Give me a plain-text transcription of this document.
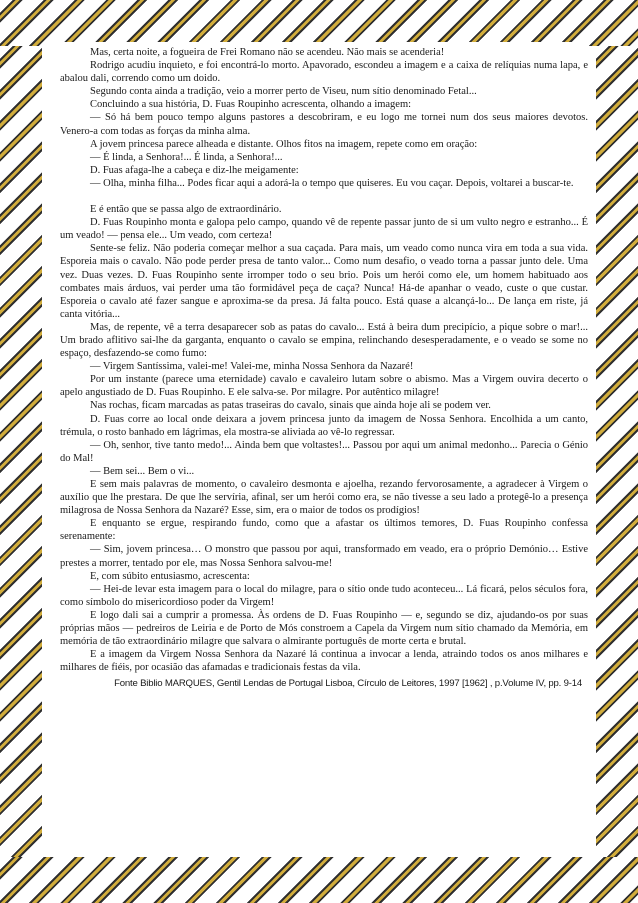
Mas, certa noite, a fogueira de Frei Romano não se acendeu. Não mais se acenderia!

Rodrigo acudiu inquieto, e foi encontrá-lo morto. Apavorado, escondeu a imagem e a caixa de relíquias numa lapa, e abalou dali, correndo como um doido.

Segundo conta ainda a tradição, veio a morrer perto de Viseu, num sítio denominado Fetal...

Concluindo a sua história, D. Fuas Roupinho acrescenta, olhando a imagem:

— Só há bem pouco tempo alguns pastores a descobriram, e eu logo me tornei num dos seus maiores devotos. Venero-a com todas as forças da minha alma.

A jovem princesa parece alheada e distante. Olhos fitos na imagem, repete como em oração:

— É linda, a Senhora!... É linda, a Senhora!...

D. Fuas afaga-lhe a cabeça e diz-lhe meigamente:

— Olha, minha filha... Podes ficar aqui a adorá-la o tempo que quiseres. Eu vou caçar. Depois, voltarei a buscar-te.

E é então que se passa algo de extraordinário.

D. Fuas Roupinho monta e galopa pelo campo, quando vê de repente passar junto de si um vulto negro e estranho... É um veado! — pensa ele... Um veado, com certeza!

Sente-se feliz. Não poderia começar melhor a sua caçada. Para mais, um veado como nunca vira em toda a sua vida. Esporeia mais o cavalo. Não pode perder presa de tanto valor... Como num desafio, o veado torna a passar junto dele. Uma vez. Duas vezes. D. Fuas Roupinho sente irromper todo o seu brio. Pois um herói como ele, um homem habituado aos combates mais árduos, vai perder uma tão formidável peça de caça? Nunca! Há-de apanhar o veado, custe o que custar. Esporeia o cavalo até fazer sangue e aproxima-se da presa. Já falta pouco. Está quase a alcançá-lo... De lança em riste, já canta vitória...

Mas, de repente, vê a terra desaparecer sob as patas do cavalo... Está à beira dum precipício, a pique sobre o mar!... Um brado aflitivo sai-lhe da garganta, enquanto o cavalo se empina, relinchando desesperadamente, e o veado se some no espaço, desfazendo-se como fumo:

— Virgem Santíssima, valei-me! Valei-me, minha Nossa Senhora da Nazaré!

Por um instante (parece uma eternidade) cavalo e cavaleiro lutam sobre o abismo. Mas a Virgem ouvira decerto o apelo angustiado de D. Fuas Roupinho. E ele salva-se. Por milagre. Por autêntico milagre!

Nas rochas, ficam marcadas as patas traseiras do cavalo, sinais que ainda hoje ali se podem ver.

D. Fuas corre ao local onde deixara a jovem princesa junto da imagem de Nossa Senhora. Encolhida a um canto, trémula, o rosto banhado em lágrimas, ela mostra-se aliviada ao vê-lo regressar.

— Oh, senhor, tive tanto medo!... Ainda bem que voltastes!... Passou por aqui um animal medonho... Parecia o Génio do Mal!

— Bem sei... Bem o vi...

E sem mais palavras de momento, o cavaleiro desmonta e ajoelha, rezando fervorosamente, a agradecer à Virgem o auxílio que lhe prestara. De que lhe servíria, afinal, ser um herói como era, se não tivesse a seu lado a protegê-lo a presença milagrosa de Nossa Senhora da Nazaré? Esse, sim, era o maior de todos os prodígios!

E enquanto se ergue, respirando fundo, como que a afastar os últimos temores, D. Fuas Roupinho confessa serenamente:

— Sim, jovem princesa… O monstro que passou por aqui, transformado em veado, era o próprio Demónio… Estive prestes a morrer, tentado por ele, mas Nossa Senhora salvou-me!

E, com súbito entusiasmo, acrescenta:

— Hei-de levar esta imagem para o local do milagre, para o sítio onde tudo aconteceu... Lá ficará, pelos séculos fora, como símbolo do misericordioso poder da Virgem!

E logo dali sai a cumprir a promessa. Às ordens de D. Fuas Roupinho — e, segundo se diz, ajudando-os por suas próprias mãos — pedreiros de Leiria e de Porto de Mós constroem a Capela da Virgem num sítio chamado da Memória, em memória de tão extraordinário milagre que salvara o almirante português de morte certa e brutal.

E a imagem da Virgem Nossa Senhora da Nazaré lá continua a invocar a lenda, atraindo todos os anos milhares e milhares de fiéis, por ocasião das afamadas e tradicionais festas da vila.

Fonte Biblio MARQUES, Gentil Lendas de Portugal Lisboa, Círculo de Leitores, 1997 [1962] , p.Volume IV, pp. 9-14
